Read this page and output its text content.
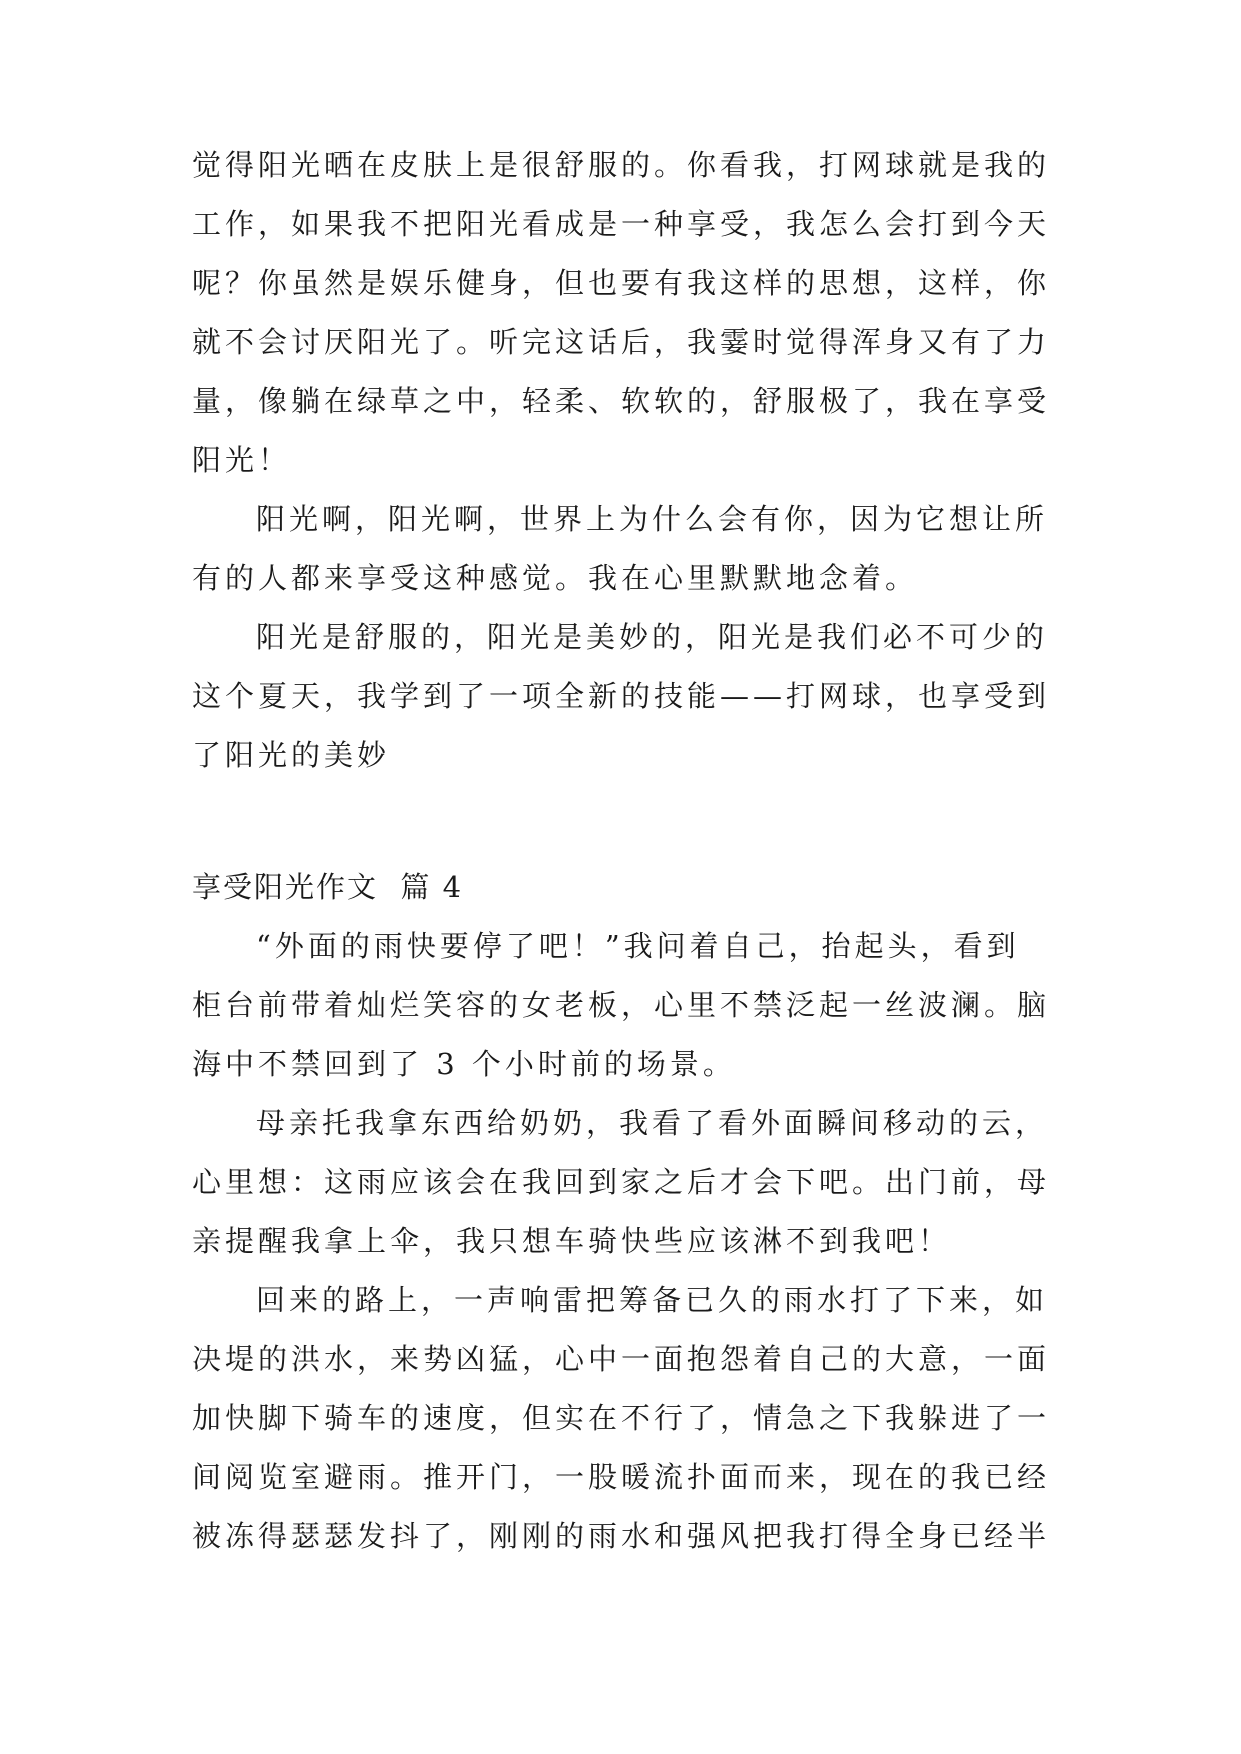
觉得阳光晒在皮肤上是很舒服的。你看我，打网球就是我的
工作，如果我不把阳光看成是一种享受，我怎么会打到今天
呢？你虽然是娱乐健身，但也要有我这样的思想，这样，你
就不会讨厌阳光了。听完这话后，我霎时觉得浑身又有了力
量，像躺在绿草之中，轻柔、软软的，舒服极了，我在享受
阳光！
阳光啊，阳光啊，世界上为什么会有你，因为它想让所
有的人都来享受这种感觉。我在心里默默地念着。
阳光是舒服的，阳光是美妙的，阳光是我们必不可少的
这个夏天，我学到了一项全新的技能——打网球，也享受到
了阳光的美妙
享受阳光作文  篇 4
“外面的雨快要停了吧！”我问着自己，抬起头，看到
柜台前带着灿烂笑容的女老板，心里不禁泛起一丝波澜。脑
海中不禁回到了 3 个小时前的场景。
母亲托我拿东西给奶奶，我看了看外面瞬间移动的云，
心里想：这雨应该会在我回到家之后才会下吧。出门前，母
亲提醒我拿上伞，我只想车骑快些应该淋不到我吧！
回来的路上，一声响雷把筹备已久的雨水打了下来，如
决堤的洪水，来势凶猛，心中一面抱怨着自己的大意，一面
加快脚下骑车的速度，但实在不行了，情急之下我躲进了一
间阅览室避雨。推开门，一股暖流扑面而来，现在的我已经
被冻得瑟瑟发抖了，刚刚的雨水和强风把我打得全身已经半
